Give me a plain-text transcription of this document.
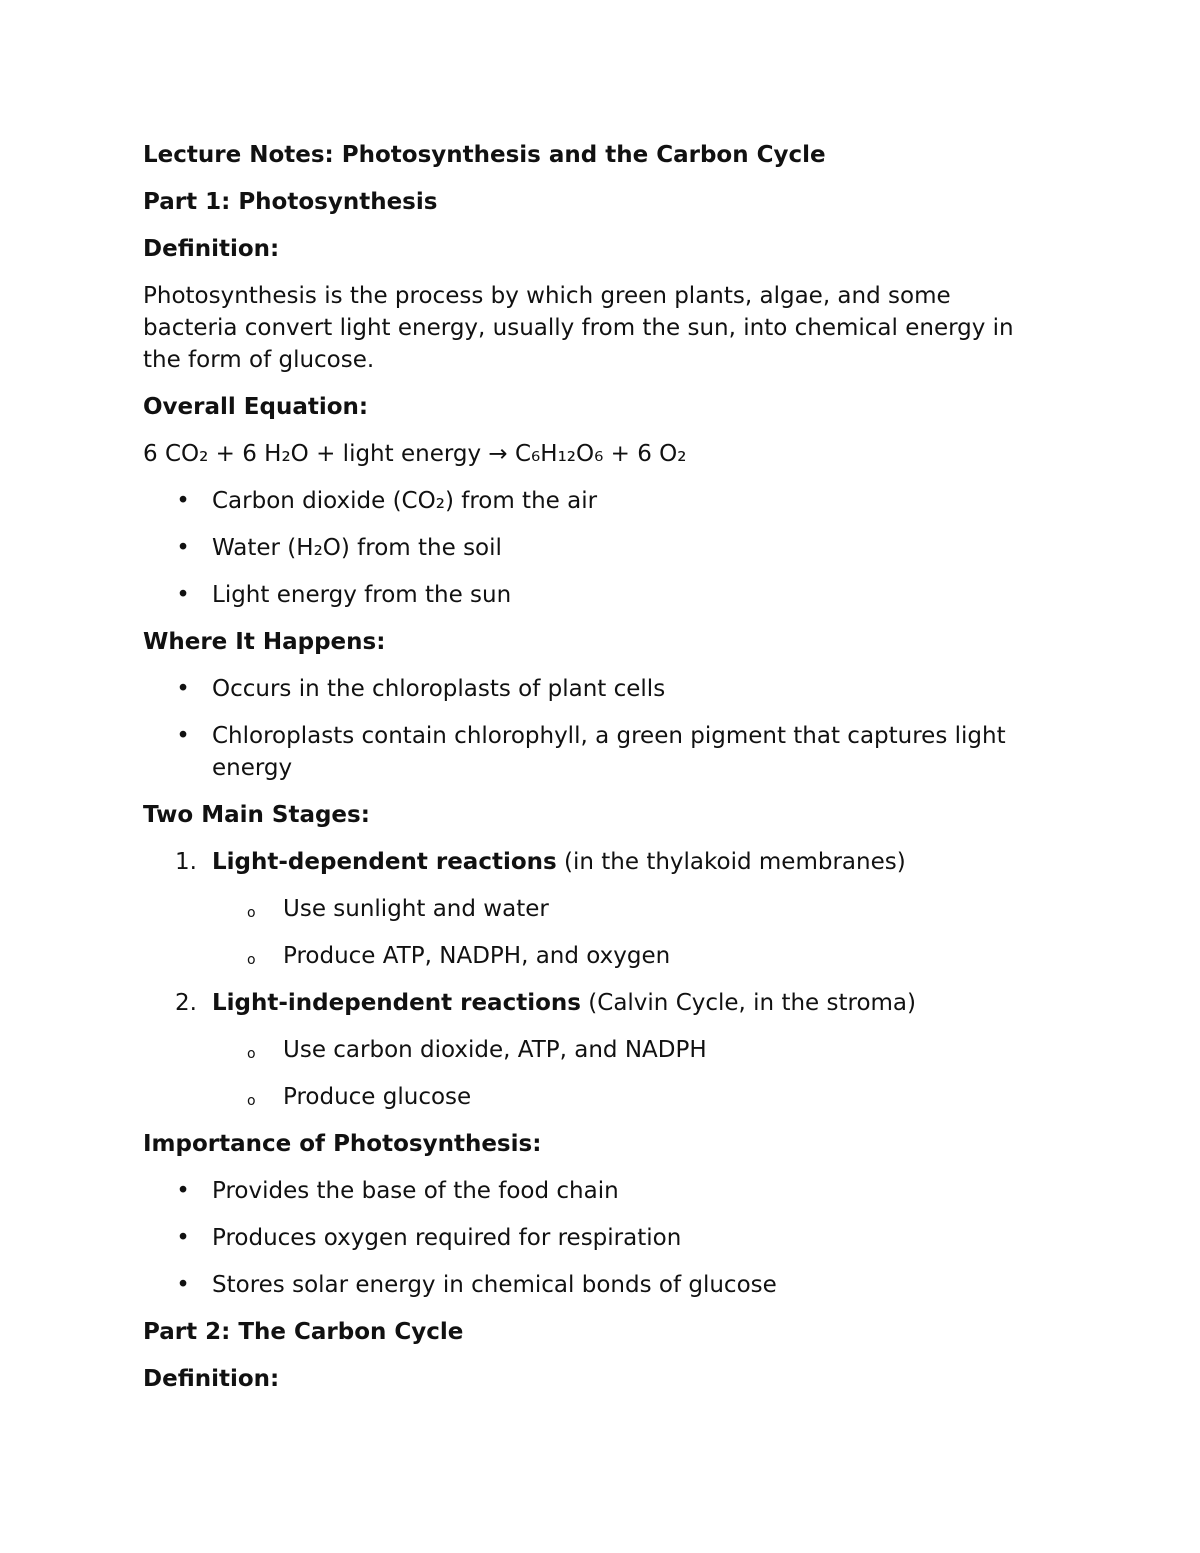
Lecture Notes: Photosynthesis and the Carbon Cycle

Part 1: Photosynthesis

Definition:

Photosynthesis is the process by which green plants, algae, and some bacteria convert light energy, usually from the sun, into chemical energy in the form of glucose.

Overall Equation:

6 CO₂ + 6 H₂O + light energy → C₆H₁₂O₆ + 6 O₂

• Carbon dioxide (CO₂) from the air
• Water (H₂O) from the soil
• Light energy from the sun

Where It Happens:

• Occurs in the chloroplasts of plant cells
• Chloroplasts contain chlorophyll, a green pigment that captures light energy

Two Main Stages:

1. Light-dependent reactions (in the thylakoid membranes)
o Use sunlight and water
o Produce ATP, NADPH, and oxygen
2. Light-independent reactions (Calvin Cycle, in the stroma)
o Use carbon dioxide, ATP, and NADPH
o Produce glucose

Importance of Photosynthesis:

• Provides the base of the food chain
• Produces oxygen required for respiration
• Stores solar energy in chemical bonds of glucose

Part 2: The Carbon Cycle

Definition:
